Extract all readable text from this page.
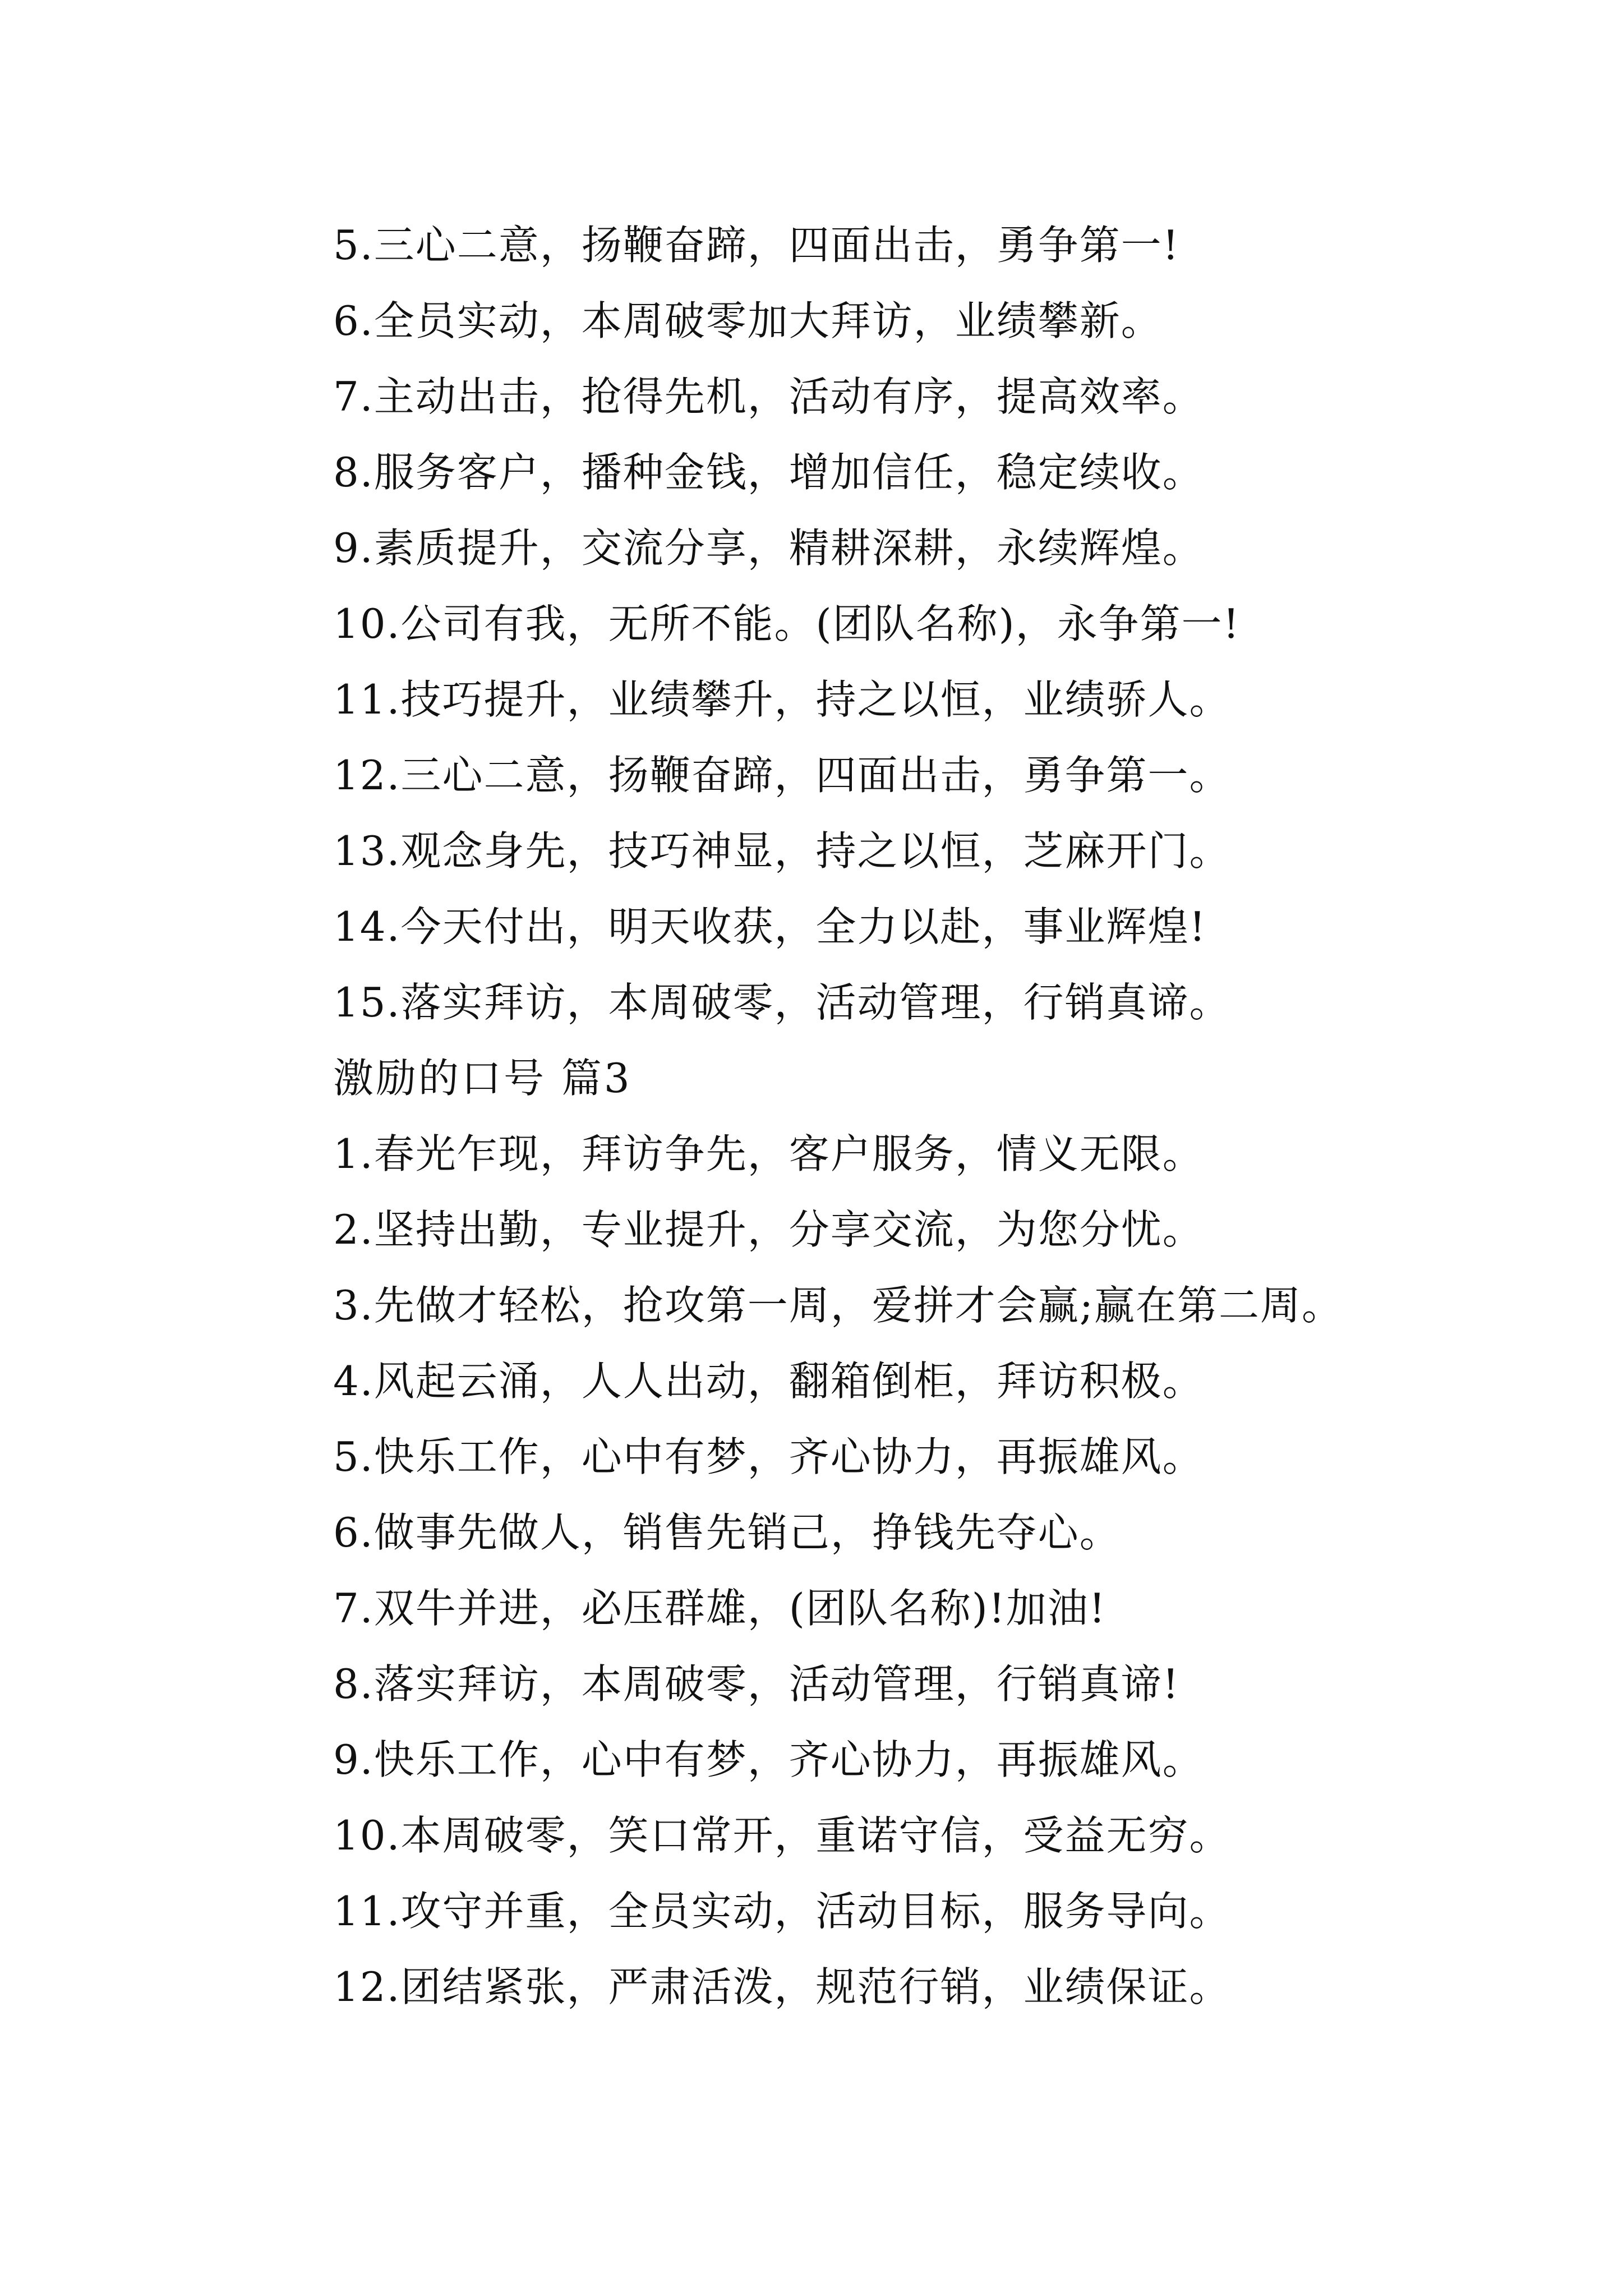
5.三心二意，扬鞭奋蹄，四面出击，勇争第一!
6.全员实动，本周破零加大拜访，业绩攀新。
7.主动出击，抢得先机，活动有序，提高效率。
8.服务客户，播种金钱，增加信任，稳定续收。
9.素质提升，交流分享，精耕深耕，永续辉煌。
10.公司有我，无所不能。(团队名称)，永争第一!
11.技巧提升，业绩攀升，持之以恒，业绩骄人。
12.三心二意，扬鞭奋蹄，四面出击，勇争第一。
13.观念身先，技巧神显，持之以恒，芝麻开门。
14.今天付出，明天收获，全力以赴，事业辉煌!
15.落实拜访，本周破零，活动管理，行销真谛。
激励的口号 篇3
1.春光乍现，拜访争先，客户服务，情义无限。
2.坚持出勤，专业提升，分享交流，为您分忧。
3.先做才轻松，抢攻第一周，爱拼才会赢;赢在第二周。
4.风起云涌，人人出动，翻箱倒柜，拜访积极。
5.快乐工作，心中有梦，齐心协力，再振雄风。
6.做事先做人，销售先销己，挣钱先夺心。
7.双牛并进，必压群雄，(团队名称)!加油!
8.落实拜访，本周破零，活动管理，行销真谛!
9.快乐工作，心中有梦，齐心协力，再振雄风。
10.本周破零，笑口常开，重诺守信，受益无穷。
11.攻守并重，全员实动，活动目标，服务导向。
12.团结紧张，严肃活泼，规范行销，业绩保证。
